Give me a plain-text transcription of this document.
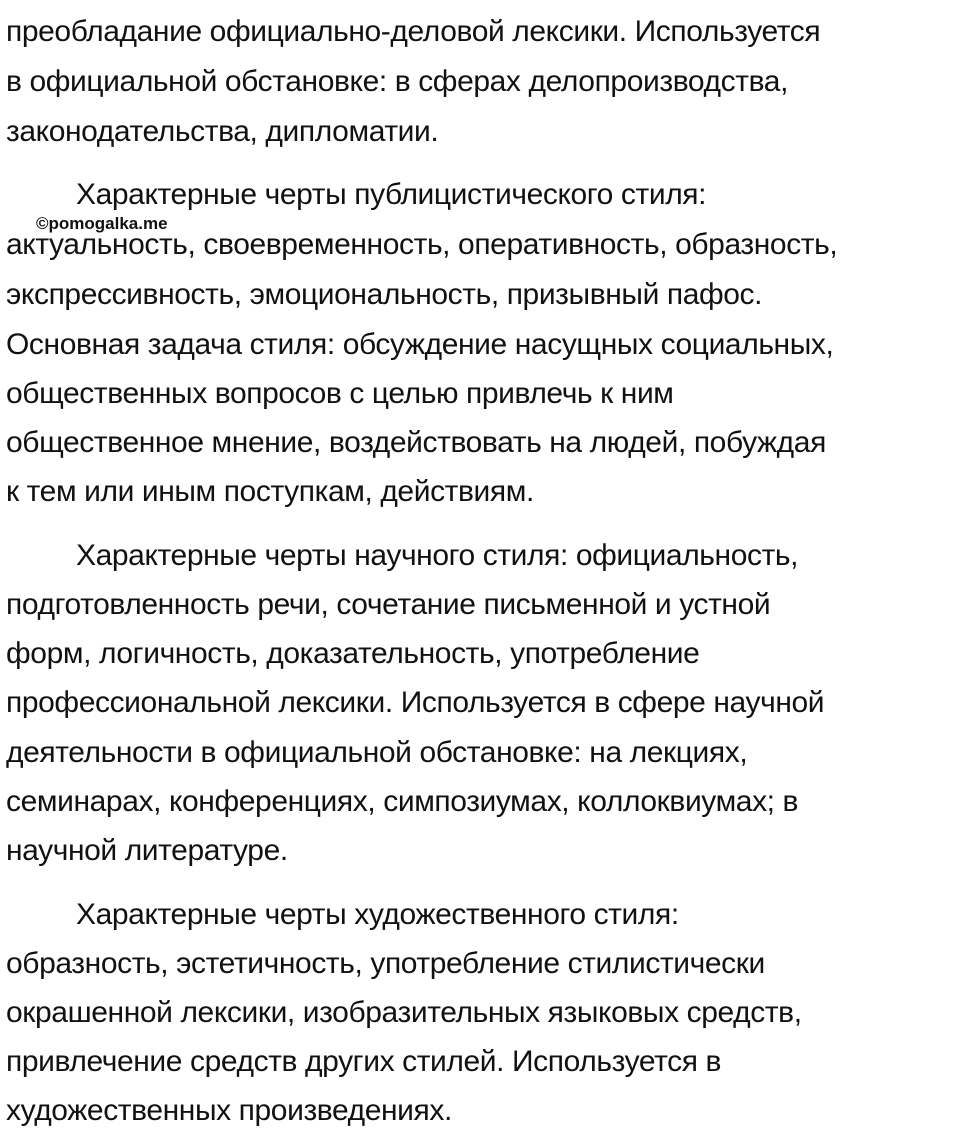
преобладание официально-деловой лексики. Используется
в официальной обстановке: в сферах делопроизводства,
законодательства, дипломатии.
Характерные черты публицистического стиля:
актуальность, своевременность, оперативность, образность,
экспрессивность, эмоциональность, призывный пафос.
Основная задача стиля: обсуждение насущных социальных,
общественных вопросов с целью привлечь к ним
общественное мнение, воздействовать на людей, побуждая
к тем или иным поступкам, действиям.
Характерные черты научного стиля: официальность,
подготовленность речи, сочетание письменной и устной
форм, логичность, доказательность, употребление
профессиональной лексики. Используется в сфере научной
деятельности в официальной обстановке: на лекциях,
семинарах, конференциях, симпозиумах, коллоквиумах; в
научной литературе.
Характерные черты художественного стиля:
образность, эстетичность, употребление стилистически
окрашенной лексики, изобразительных языковых средств,
привлечение средств других стилей. Используется в
художественных произведениях.
©pomogalka.me
